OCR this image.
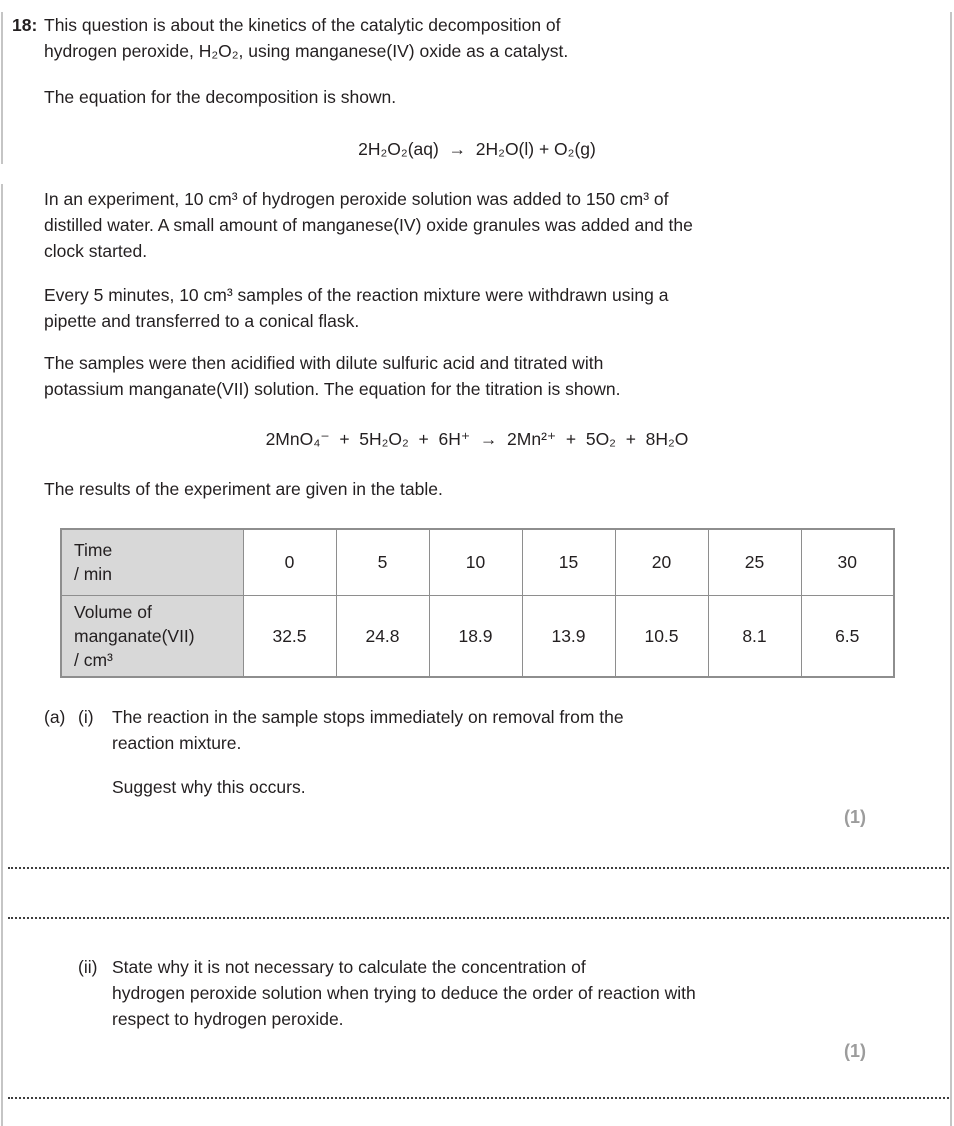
18: This question is about the kinetics of the catalytic decomposition of
hydrogen peroxide, H₂O₂, using manganese(IV) oxide as a catalyst.
The equation for the decomposition is shown.
2H₂O₂(aq)  →  2H₂O(l) + O₂(g)
In an experiment, 10 cm³ of hydrogen peroxide solution was added to 150 cm³ of
distilled water. A small amount of manganese(IV) oxide granules was added and the
clock started.
Every 5 minutes, 10 cm³ samples of the reaction mixture were withdrawn using a
pipette and transferred to a conical flask.
The samples were then acidified with dilute sulfuric acid and titrated with
potassium manganate(VII) solution. The equation for the titration is shown.
2MnO₄⁻  +  5H₂O₂  +  6H⁺  →  2Mn²⁺  +  5O₂  +  8H₂O
The results of the experiment are given in the table.
Time
/ min	0	5	10	15	20	25	30

Volume of
manganate(VII)
/ cm³	32.5	24.8	18.9	13.9	10.5	8.1	6.5
(a) (i)	The reaction in the sample stops immediately on removal from the
reaction mixture.
Suggest why this occurs.
(1)
(ii) State why it is not necessary to calculate the concentration of
hydrogen peroxide solution when trying to deduce the order of reaction with
respect to hydrogen peroxide.
(1)
